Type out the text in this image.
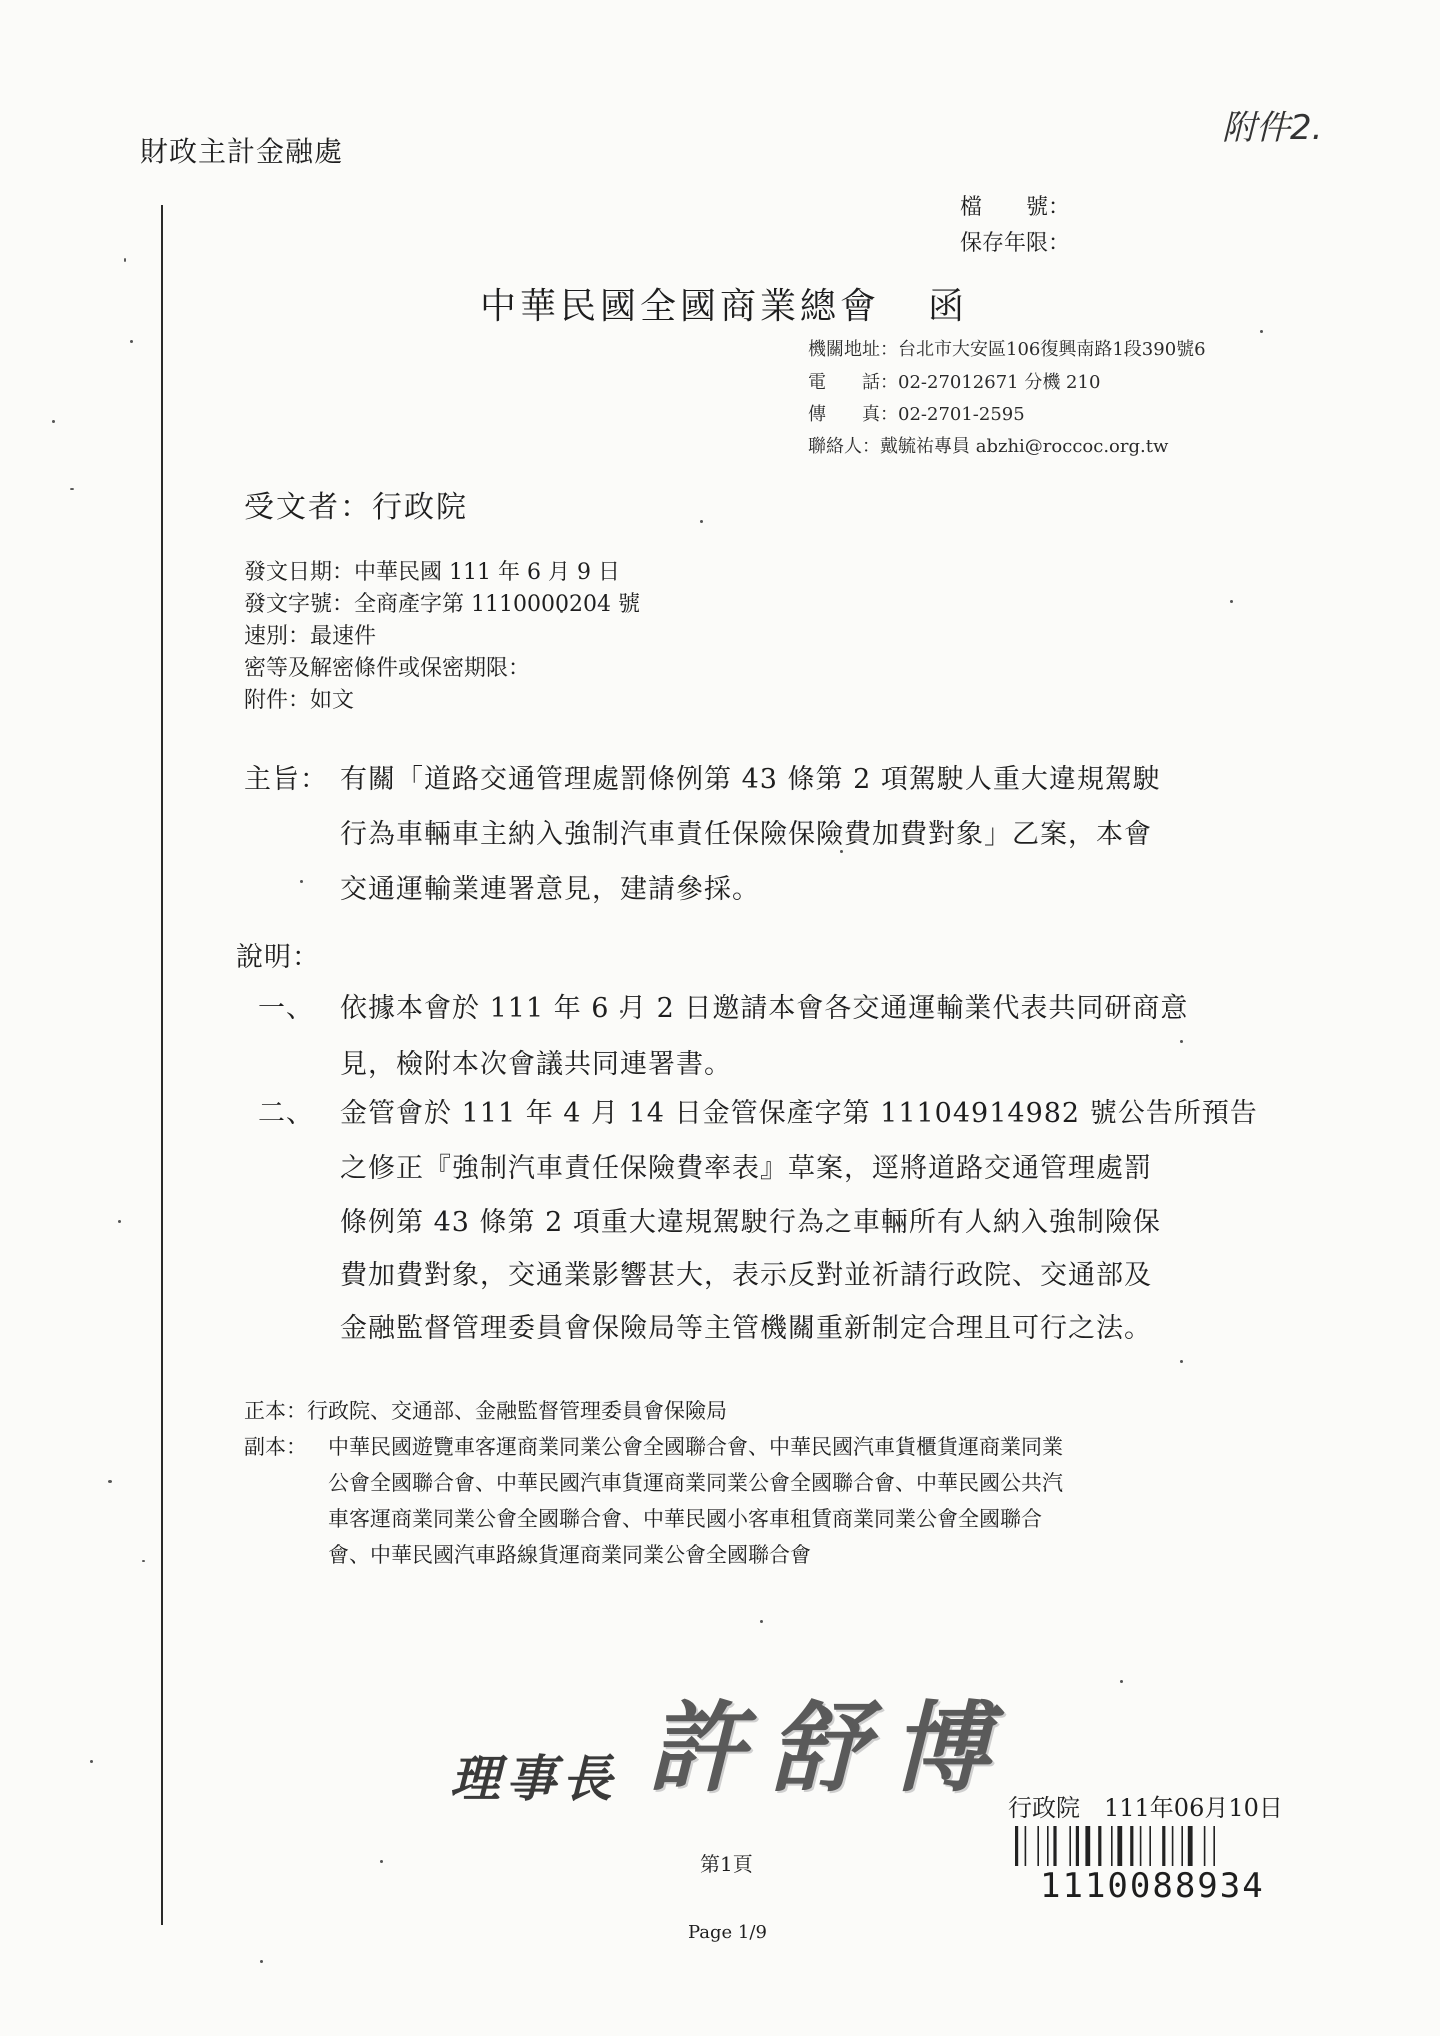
財政主計金融處
附件2.
檔　　號：
保存年限：
中華民國全國商業總會 函
機關地址：台北市大安區106復興南路1段390號6
電　　話：02-27012671 分機 210
傳　　真：02-2701-2595
聯絡人：戴毓祐專員 abzhi@roccoc.org.tw
受文者：行政院
發文日期：中華民國 111 年 6 月 9 日
發文字號：全商產字第 1110000204 號
速別：最速件
密等及解密條件或保密期限：
附件：如文
主旨： 有關「道路交通管理處罰條例第 43 條第 2 項駕駛人重大違規駕駛
行為車輛車主納入強制汽車責任保險保險費加費對象」乙案，本會
交通運輸業連署意見，建請參採。
說明：
一、 依據本會於 111 年 6 月 2 日邀請本會各交通運輸業代表共同研商意
見，檢附本次會議共同連署書。
二、 金管會於 111 年 4 月 14 日金管保產字第 11104914982 號公告所預告
之修正『強制汽車責任保險費率表』草案，逕將道路交通管理處罰
條例第 43 條第 2 項重大違規駕駛行為之車輛所有人納入強制險保
費加費對象，交通業影響甚大，表示反對並祈請行政院、交通部及
金融監督管理委員會保險局等主管機關重新制定合理且可行之法。
正本：行政院、交通部、金融監督管理委員會保險局
副本： 中華民國遊覽車客運商業同業公會全國聯合會、中華民國汽車貨櫃貨運商業同業
公會全國聯合會、中華民國汽車貨運商業同業公會全國聯合會、中華民國公共汽
車客運商業同業公會全國聯合會、中華民國小客車租賃商業同業公會全國聯合
會、中華民國汽車路線貨運商業同業公會全國聯合會
理事長 許舒博
行政院　111年06月10日
1110088934
第1頁
Page 1/9
